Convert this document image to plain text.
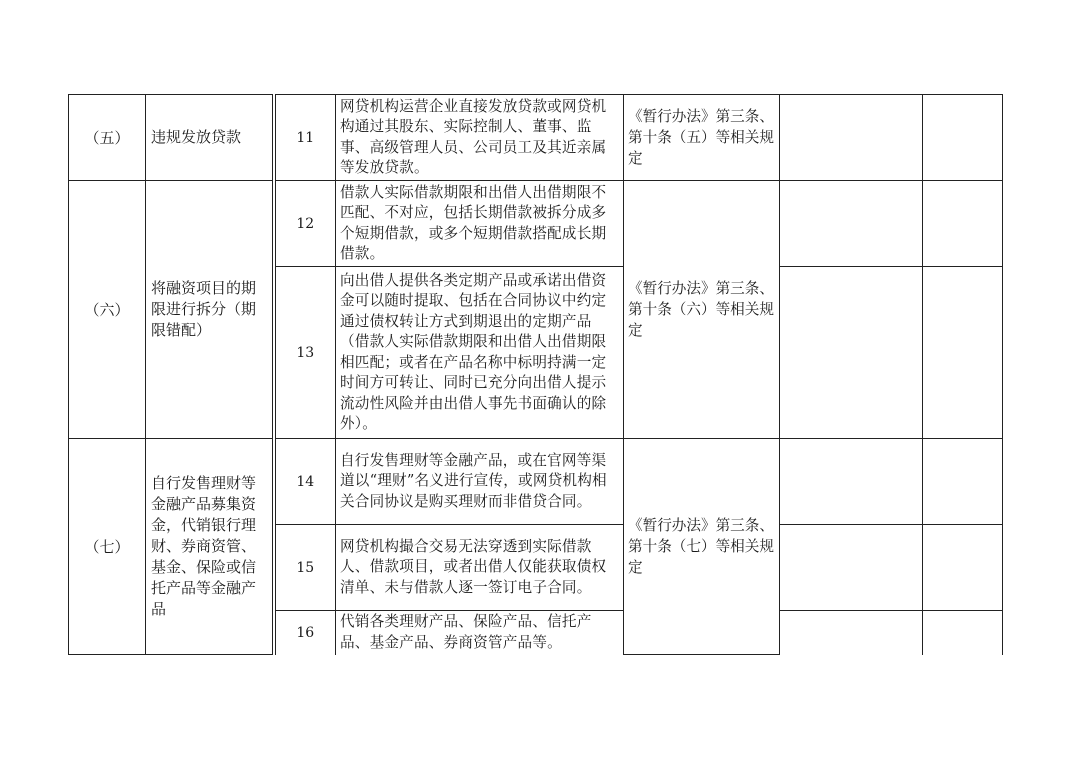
（五）	违规发放贷款	11	网贷机构运营企业直接发放贷款或网贷机构通过其股东、实际控制人、董事、监事、高级管理人员、公司员工及其近亲属等发放贷款。	《暂行办法》第三条、第十条（五）等相关规定		
（六）	将融资项目的期限进行拆分（期限错配）	12	借款人实际借款期限和出借人出借期限不匹配、不对应，包括长期借款被拆分成多个短期借款，或多个短期借款搭配成长期借款。	《暂行办法》第三条、第十条（六）等相关规定		
		13	向出借人提供各类定期产品或承诺出借资金可以随时提取、包括在合同协议中约定通过债权转让方式到期退出的定期产品（借款人实际借款期限和出借人出借期限相匹配；或者在产品名称中标明持满一定时间方可转让、同时已充分向出借人提示流动性风险并由出借人事先书面确认的除外）。			
（七）	自行发售理财等金融产品募集资金，代销银行理财、券商资管、基金、保险或信托产品等金融产品	14	自行发售理财等金融产品，或在官网等渠道以“理财”名义进行宣传，或网贷机构相关合同协议是购买理财而非借贷合同。	《暂行办法》第三条、第十条（七）等相关规定		
		15	网贷机构撮合交易无法穿透到实际借款人、借款项目，或者出借人仅能获取债权清单、未与借款人逐一签订电子合同。			
		16	代销各类理财产品、保险产品、信托产品、基金产品、券商资管产品等。			
